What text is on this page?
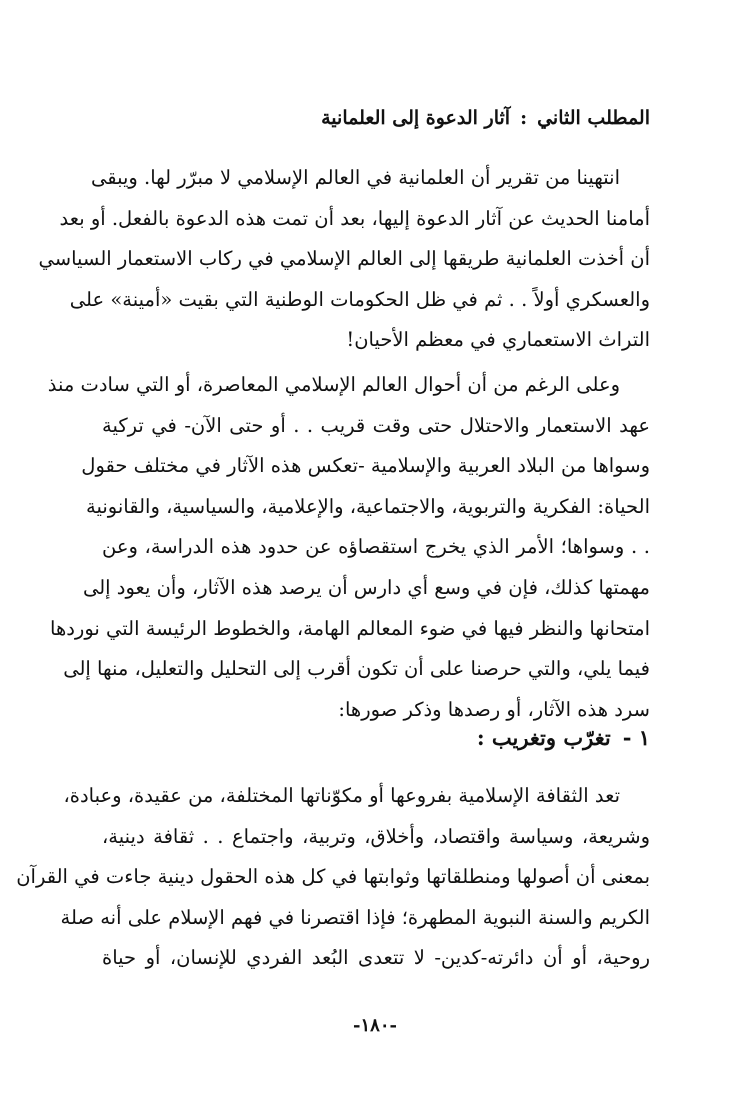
المطلب الثاني:آثار الدعوة إلى العلمانية
انتهينا من تقرير أن العلمانية في العالم الإسلامي لا مبرّر لها. ويبقى
أمامنا الحديث عن آثار الدعوة إليها، بعد أن تمت هذه الدعوة بالفعل. أو بعد
أن أخذت العلمانية طريقها إلى العالم الإسلامي في ركاب الاستعمار السياسي
والعسكري أولاً . . ثم في ظل الحكومات الوطنية التي بقيت «أمينة» على
التراث الاستعماري في معظم الأحيان!
وعلى الرغم من أن أحوال العالم الإسلامي المعاصرة، أو التي سادت منذ
عهد الاستعمار والاحتلال حتى وقت قريب . . أو حتى الآن- في تركية
وسواها من البلاد العربية والإسلامية -تعكس هذه الآثار في مختلف حقول
الحياة: الفكرية والتربوية، والاجتماعية، والإعلامية، والسياسية، والقانونية
. . وسواها؛ الأمر الذي يخرج استقصاؤه عن حدود هذه الدراسة، وعن
مهمتها كذلك، فإن في وسع أي دارس أن يرصد هذه الآثار، وأن يعود إلى
امتحانها والنظر فيها في ضوء المعالم الهامة، والخطوط الرئيسة التي نوردها
فيما يلي، والتي حرصنا على أن تكون أقرب إلى التحليل والتعليل، منها إلى
سرد هذه الآثار، أو رصدها وذكر صورها:
١ -تغرّب وتغريب :
تعد الثقافة الإسلامية بفروعها أو مكوّناتها المختلفة، من عقيدة، وعبادة،
وشريعة، وسياسة واقتصاد، وأخلاق، وتربية، واجتماع . . ثقافة دينية،
بمعنى أن أصولها ومنطلقاتها وثوابتها في كل هذه الحقول دينية جاءت في القرآن
الكريم والسنة النبوية المطهرة؛ فإذا اقتصرنا في فهم الإسلام على أنه صلة
روحية، أو أن دائرته-كدين- لا تتعدى البُعد الفردي للإنسان، أو حياة
-١٨٠-
